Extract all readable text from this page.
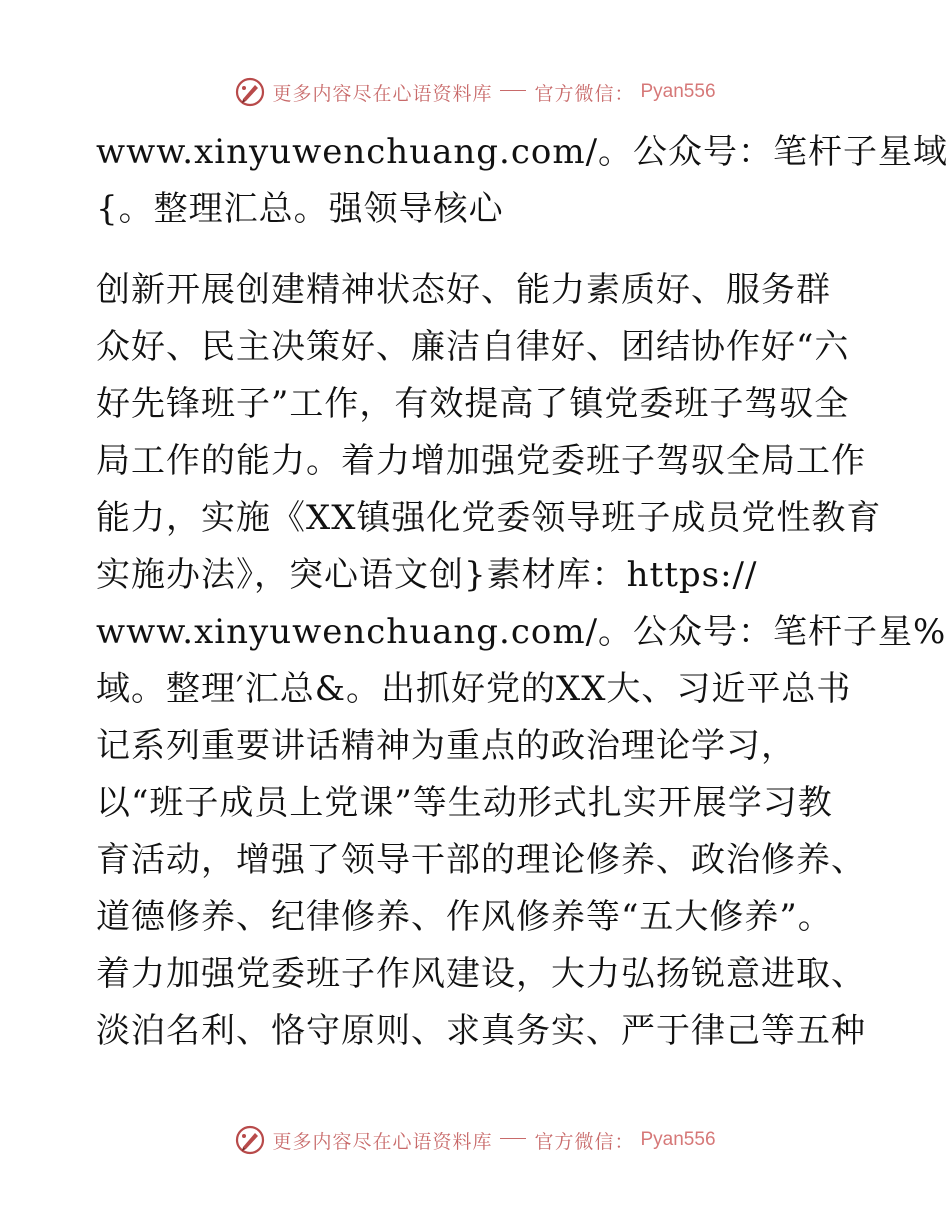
更多内容尽在心语资料库 官方微信： Pyan556
www.xinyuwenchuang.com/。公众号：笔杆子星域
{。整理汇总。强领导核心
创新开展创建精神状态好、能力素质好、服务群
众好、民主决策好、廉洁自律好、团结协作好“六
好先锋班子”工作，有效提高了镇党委班子驾驭全
局工作的能力。着力增加强党委班子驾驭全局工作
能力，实施《XX镇强化党委领导班子成员党性教育
实施办法》，突心语文创}素材库：https://
www.xinyuwenchuang.com/。公众号：笔杆子星%
域。整理′汇总&。出抓好党的XX大、习近平总书
记系列重要讲话精神为重点的政治理论学习，
以“班子成员上党课”等生动形式扎实开展学习教
育活动，增强了领导干部的理论修养、政治修养、
道德修养、纪律修养、作风修养等“五大修养”。
着力加强党委班子作风建设，大力弘扬锐意进取、
淡泊名利、恪守原则、求真务实、严于律己等五种
更多内容尽在心语资料库 官方微信： Pyan556
